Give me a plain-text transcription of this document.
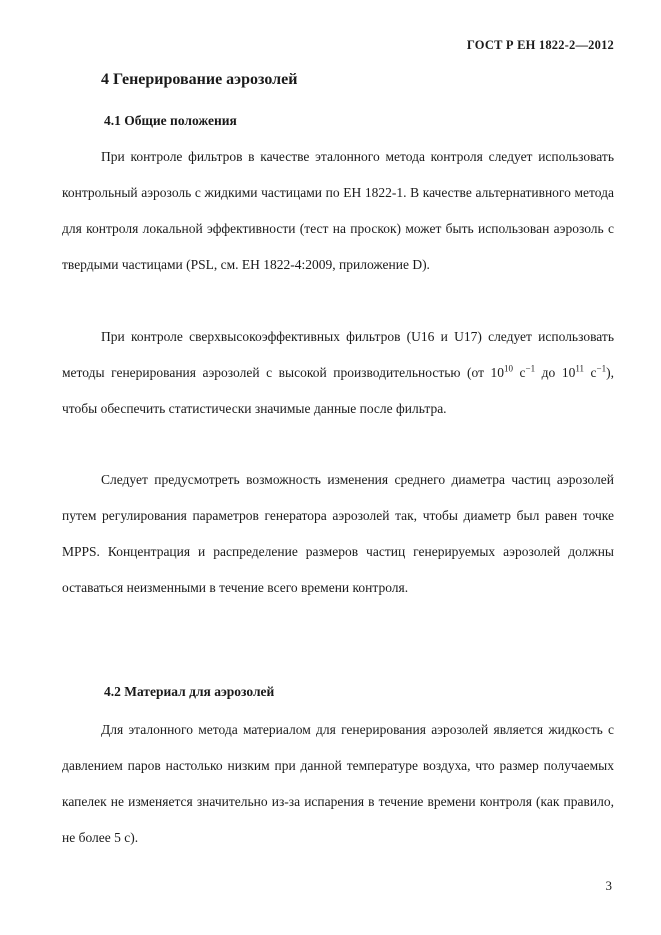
ГОСТ Р ЕН 1822-2—2012
4 Генерирование аэрозолей
4.1 Общие положения

При контроле фильтров в качестве эталонного метода контроля следует использовать контрольный аэрозоль с жидкими частицами по ЕН 1822-1. В качестве альтернативного метода для контроля локальной эффективности (тест на проскок) может быть использован аэрозоль с твердыми частицами (PSL, см. ЕН 1822-4:2009, приложение D).

При контроле сверхвысокоэффективных фильтров (U16 и U17) следует использовать методы генерирования аэрозолей с высокой производительностью (от $10^{10}$ $с^{-1}$ до $10^{11}$ $с^{-1}$), чтобы обеспечить статистически значимые данные после фильтра.

Следует предусмотреть возможность изменения среднего диаметра частиц аэрозолей путем регулирования параметров генератора аэрозолей так, чтобы диаметр был равен точке MPPS. Концентрация и распределение размеров частиц генерируемых аэрозолей должны оставаться неизменными в течение всего времени контроля.

4.2 Материал для аэрозолей

Для эталонного метода материалом для генерирования аэрозолей является жидкость с давлением паров настолько низким при данной температуре воздуха, что размер получаемых капелек не изменяется значительно из-за испарения в течение времени контроля (как правило, не более 5 с).

3
